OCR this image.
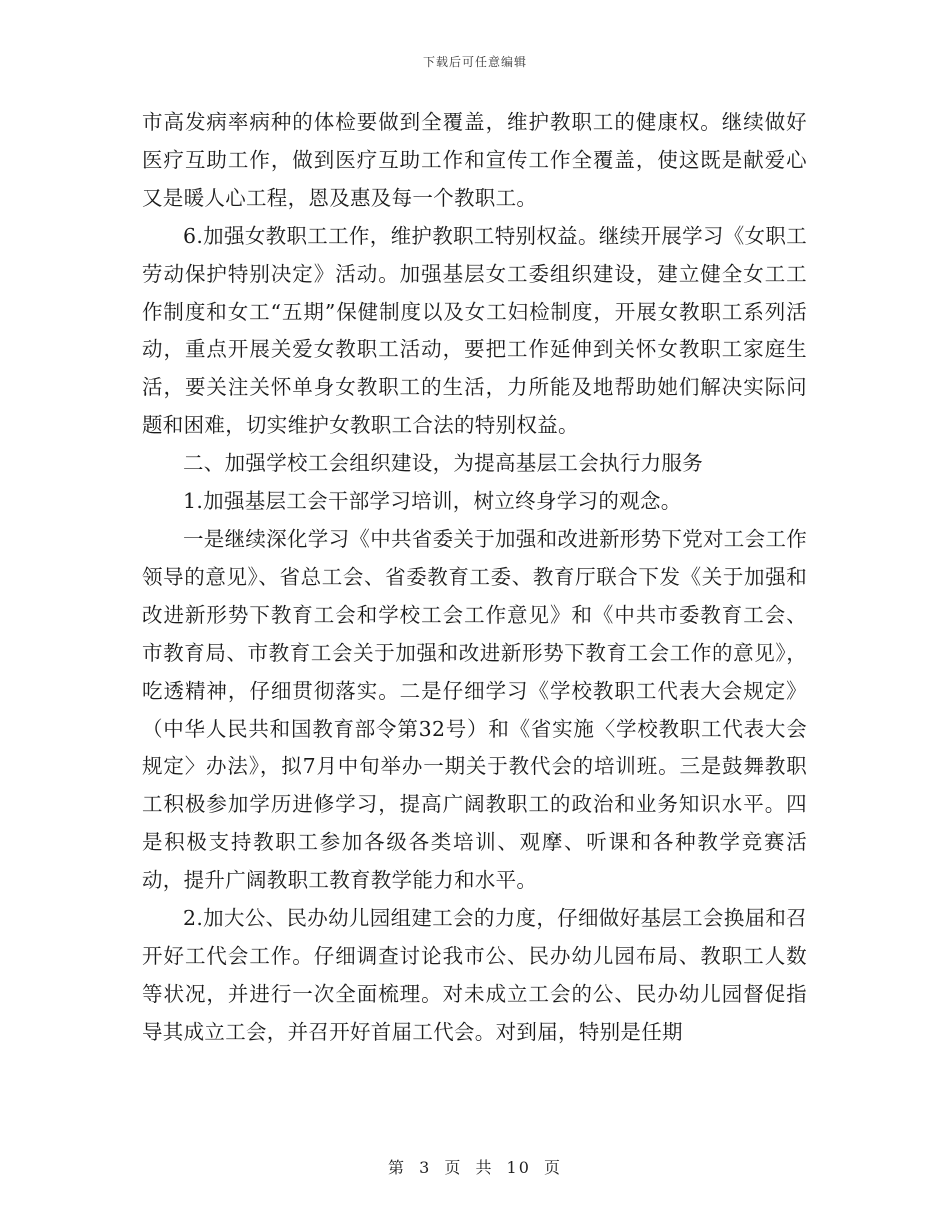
下载后可任意编辑

市高发病率病种的体检要做到全覆盖，维护教职工的健康权。继续做好医疗互助工作，做到医疗互助工作和宣传工作全覆盖，使这既是献爱心又是暖人心工程，恩及惠及每一个教职工。

6.加强女教职工工作，维护教职工特别权益。继续开展学习《女职工劳动保护特别决定》活动。加强基层女工委组织建设，建立健全女工工作制度和女工“五期”保健制度以及女工妇检制度，开展女教职工系列活动，重点开展关爱女教职工活动，要把工作延伸到关怀女教职工家庭生活，要关注关怀单身女教职工的生活，力所能及地帮助她们解决实际问题和困难，切实维护女教职工合法的特别权益。

二、加强学校工会组织建设，为提高基层工会执行力服务

1.加强基层工会干部学习培训，树立终身学习的观念。

一是继续深化学习《中共省委关于加强和改进新形势下党对工会工作领导的意见》、省总工会、省委教育工委、教育厅联合下发《关于加强和改进新形势下教育工会和学校工会工作意见》和《中共市委教育工会、市教育局、市教育工会关于加强和改进新形势下教育工会工作的意见》，吃透精神，仔细贯彻落实。二是仔细学习《学校教职工代表大会规定》（中华人民共和国教育部令第32号）和《省实施〈学校教职工代表大会规定〉办法》，拟7月中旬举办一期关于教代会的培训班。三是鼓舞教职工积极参加学历进修学习，提高广阔教职工的政治和业务知识水平。四是积极支持教职工参加各级各类培训、观摩、听课和各种教学竞赛活动，提升广阔教职工教育教学能力和水平。

2.加大公、民办幼儿园组建工会的力度，仔细做好基层工会换届和召开好工代会工作。仔细调查讨论我市公、民办幼儿园布局、教职工人数等状况，并进行一次全面梳理。对未成立工会的公、民办幼儿园督促指导其成立工会，并召开好首届工代会。对到届，特别是任期

第 3 页 共 10 页
